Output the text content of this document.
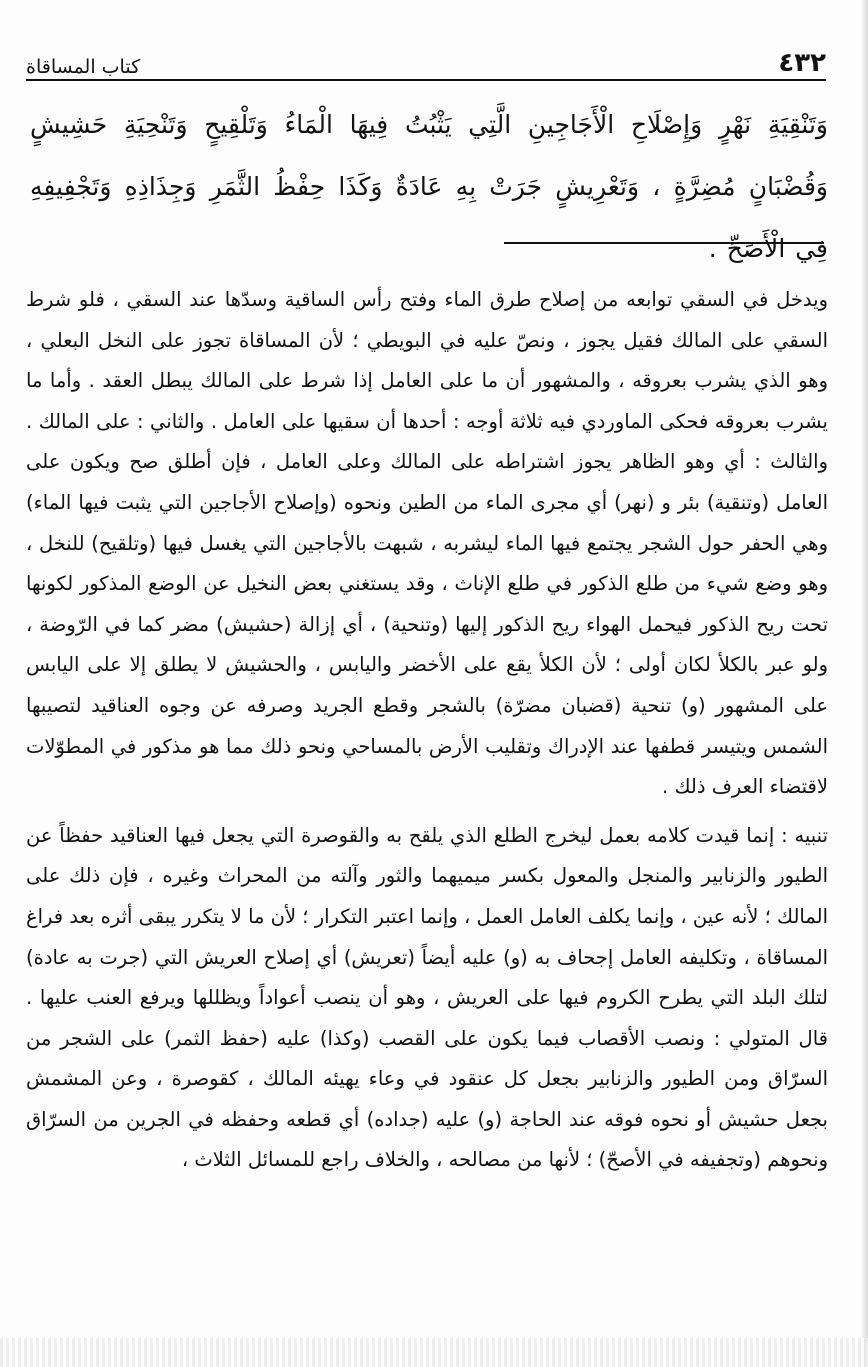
٤٣٢
كتاب المساقاة
وَتَنْقِيَةِ نَهْرٍ وَإِصْلَاحِ الْأَجَاجِينِ الَّتِي يَثْبُتُ فِيهَا الْمَاءُ وَتَلْقِيحٍ وَتَنْحِيَةِ حَشِيشٍ وَقُضْبَانٍ مُضِرَّةٍ ، وَتَعْرِيشٍ جَرَتْ بِهِ عَادَةٌ وَكَذَا حِفْظُ الثَّمَرِ وَجِذَاذِهِ وَتَجْفِيفِهِ فِي الْأَصَحِّ .

ويدخل في السقي توابعه من إصلاح طرق الماء وفتح رأس الساقية وسدّها عند السقي ، فلو شرط السقي على المالك فقيل يجوز ، ونصّ عليه في البويطي ؛ لأن المساقاة تجوز على النخل البعلي ، وهو الذي يشرب بعروقه ، والمشهور أن ما على العامل إذا شرط على المالك يبطل العقد . وأما ما يشرب بعروقه فحكى الماوردي فيه ثلاثة أوجه : أحدها أن سقيها على العامل . والثاني : على المالك . والثالث : أي وهو الظاهر يجوز اشتراطه على المالك وعلى العامل ، فإن أطلق صح ويكون على العامل (وتنقية) بئر و (نهر) أي مجرى الماء من الطين ونحوه (وإصلاح الأجاجين التي يثبت فيها الماء) وهي الحفر حول الشجر يجتمع فيها الماء ليشربه ، شبهت بالأجاجين التي يغسل فيها (وتلقيح) للنخل ، وهو وضع شيء من طلع الذكور في طلع الإناث ، وقد يستغني بعض النخيل عن الوضع المذكور لكونها تحت ريح الذكور فيحمل الهواء ريح الذكور إليها (وتنحية) ، أي إزالة (حشيش) مضر كما في الرّوضة ، ولو عبر بالكلأ لكان أولى ؛ لأن الكلأ يقع على الأخضر واليابس ، والحشيش لا يطلق إلا على اليابس على المشهور (و) تنحية (قضبان مضرّة) بالشجر وقطع الجريد وصرفه عن وجوه العناقيد لتصيبها الشمس ويتيسر قطفها عند الإدراك وتقليب الأرض بالمساحي ونحو ذلك مما هو مذكور في المطوّلات لاقتضاء العرف ذلك .

تنبيه : إنما قيدت كلامه بعمل ليخرج الطلع الذي يلقح به والقوصرة التي يجعل فيها العناقيد حفظاً عن الطيور والزنابير والمنجل والمعول بكسر ميميهما والثور وآلته من المحراث وغيره ، فإن ذلك على المالك ؛ لأنه عين ، وإنما يكلف العامل العمل ، وإنما اعتبر التكرار ؛ لأن ما لا يتكرر يبقى أثره بعد فراغ المساقاة ، وتكليفه العامل إجحاف به (و) عليه أيضاً (تعريش) أي إصلاح العريش التي (جرت به عادة) لتلك البلد التي يطرح الكروم فيها على العريش ، وهو أن ينصب أعواداً ويظللها ويرفع العنب عليها . قال المتولي : ونصب الأقصاب فيما يكون على القصب (وكذا) عليه (حفظ الثمر) على الشجر من السرّاق ومن الطيور والزنابير بجعل كل عنقود في وعاء يهيئه المالك ، كقوصرة ، وعن المشمش بجعل حشيش أو نحوه فوقه عند الحاجة (و) عليه (جداده) أي قطعه وحفظه في الجرين من السرّاق ونحوهم (وتجفيفه في الأصحّ) ؛ لأنها من مصالحه ، والخلاف راجع للمسائل الثلاث ،
